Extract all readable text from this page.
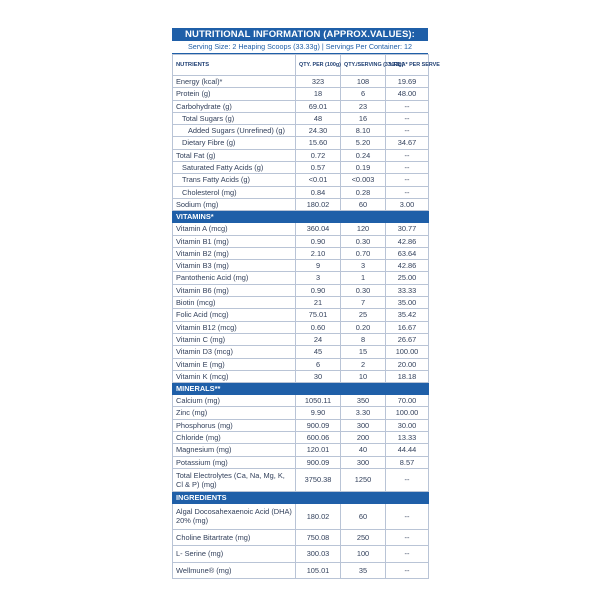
NUTRITIONAL INFORMATION (APPROX.VALUES):
Serving Size: 2 Heaping Scoops (33.33g) | Servings Per Container: 12
NUTRIENTS	QTY. PER (100g)	QTY./SERVING (33.33g)	%RDA* PER SERVE
Energy (kcal)*	323	108	19.69
Protein (g)	18	6	48.00
Carbohydrate (g)	69.01	23	--
Total Sugars (g)	48	16	--
Added Sugars (Unrefined) (g)	24.30	8.10	--
Dietary Fibre (g)	15.60	5.20	34.67
Total Fat (g)	0.72	0.24	--
Saturated Fatty Acids (g)	0.57	0.19	--
Trans Fatty Acids (g)	<0.01	<0.003	--
Cholesterol (mg)	0.84	0.28	--
Sodium (mg)	180.02	60	3.00
VITAMINS*			
Vitamin A (mcg)	360.04	120	30.77
Vitamin B1 (mg)	0.90	0.30	42.86
Vitamin B2 (mg)	2.10	0.70	63.64
Vitamin B3 (mg)	9	3	42.86
Pantothenic Acid (mg)	3	1	25.00
Vitamin B6 (mg)	0.90	0.30	33.33
Biotin (mcg)	21	7	35.00
Folic Acid (mcg)	75.01	25	35.42
Vitamin B12 (mcg)	0.60	0.20	16.67
Vitamin C (mg)	24	8	26.67
Vitamin D3 (mcg)	45	15	100.00
Vitamin E (mg)	6	2	20.00
Vitamin K (mcg)	30	10	18.18
MINERALS**			
Calcium (mg)	1050.11	350	70.00
Zinc (mg)	9.90	3.30	100.00
Phosphorus (mg)	900.09	300	30.00
Chloride (mg)	600.06	200	13.33
Magnesium (mg)	120.01	40	44.44
Potassium (mg)	900.09	300	8.57
Total Electrolytes (Ca, Na, Mg, K, Cl & P) (mg)	3750.38	1250	--
INGREDIENTS			
Algal Docosahexaenoic Acid (DHA) 20% (mg)	180.02	60	--
Choline Bitartrate (mg)	750.08	250	--
L- Serine (mg)	300.03	100	--
Wellmune® (mg)	105.01	35	--
